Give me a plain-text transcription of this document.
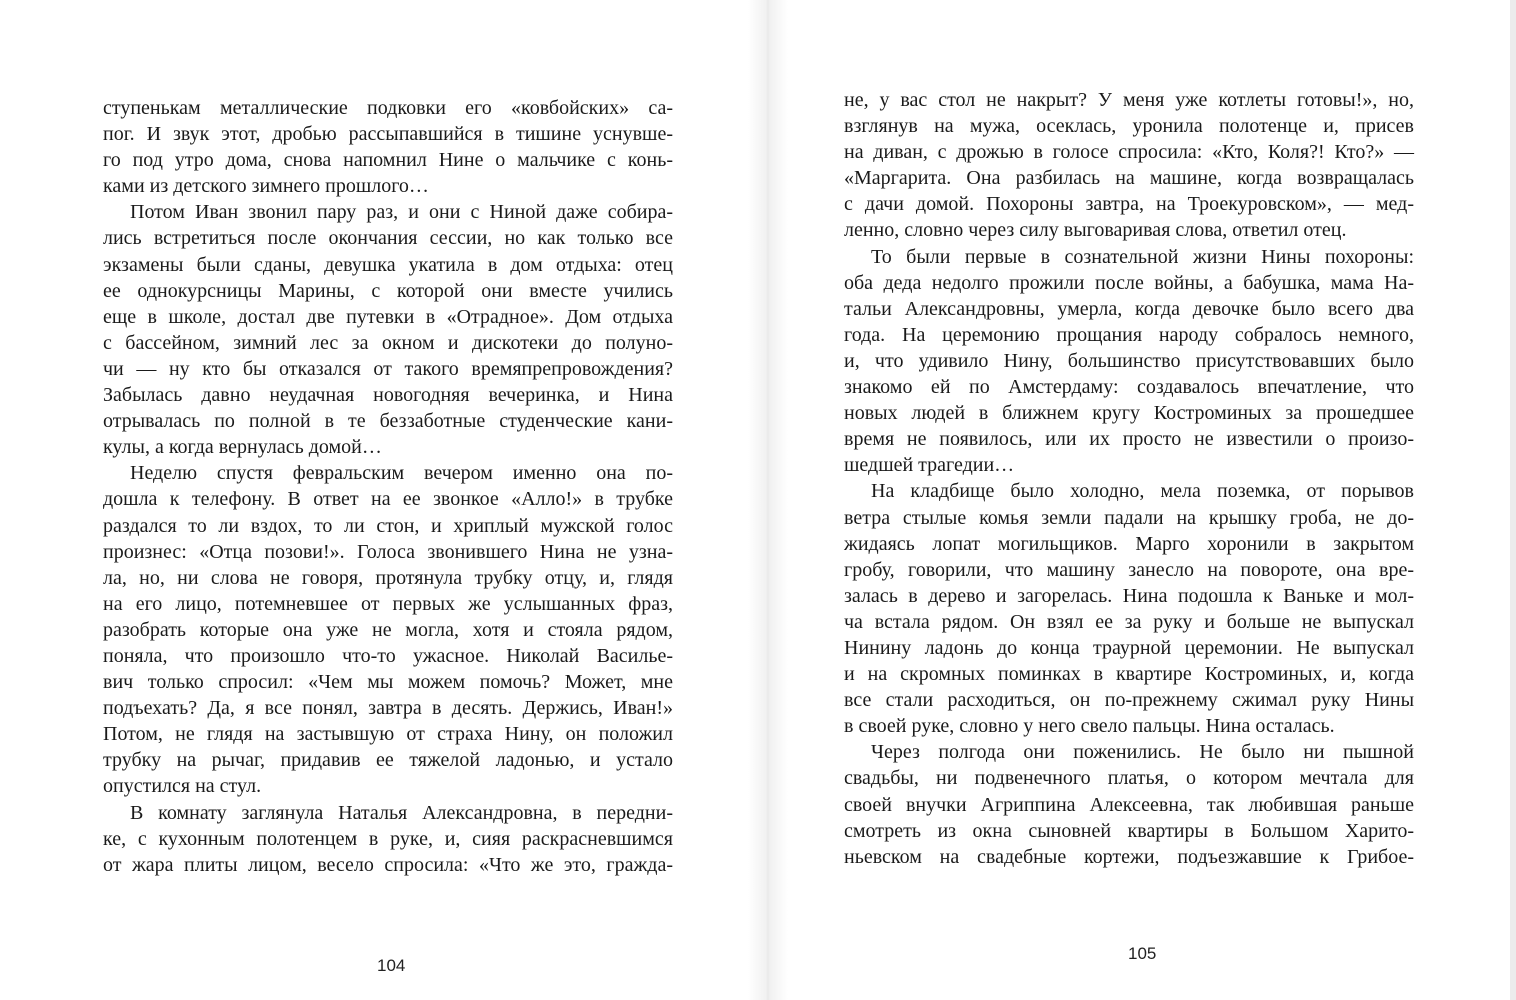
ступенькам металлические подковки его «ковбойских» са-
пог. И звук этот, дробью рассыпавшийся в тишине уснувше-
го под утро дома, снова напомнил Нине о мальчике с конь-
ками из детского зимнего прошлого…
Потом Иван звонил пару раз, и они с Ниной даже собира-
лись встретиться после окончания сессии, но как только все
экзамены были сданы, девушка укатила в дом отдыха: отец
ее однокурсницы Марины, с которой они вместе учились
еще в школе, достал две путевки в «Отрадное». Дом отдыха
с бассейном, зимний лес за окном и дискотеки до полуно-
чи — ну кто бы отказался от такого времяпрепровождения?
Забылась давно неудачная новогодняя вечеринка, и Нина
отрывалась по полной в те беззаботные студенческие кани-
кулы, а когда вернулась домой…
Неделю спустя февральским вечером именно она по-
дошла к телефону. В ответ на ее звонкое «Алло!» в трубке
раздался то ли вздох, то ли стон, и хриплый мужской голос
произнес: «Отца позови!». Голоса звонившего Нина не узна-
ла, но, ни слова не говоря, протянула трубку отцу, и, глядя
на его лицо, потемневшее от первых же услышанных фраз,
разобрать которые она уже не могла, хотя и стояла рядом,
поняла, что произошло что-то ужасное. Николай Василье-
вич только спросил: «Чем мы можем помочь? Может, мне
подъехать? Да, я все понял, завтра в десять. Держись, Иван!»
Потом, не глядя на застывшую от страха Нину, он положил
трубку на рычаг, придавив ее тяжелой ладонью, и устало
опустился на стул.
В комнату заглянула Наталья Александровна, в передни-
ке, с кухонным полотенцем в руке, и, сияя раскрасневшимся
от жара плиты лицом, весело спросила: «Что же это, гражда-
104
не, у вас стол не накрыт? У меня уже котлеты готовы!», но,
взглянув на мужа, осеклась, уронила полотенце и, присев
на диван, с дрожью в голосе спросила: «Кто, Коля?! Кто?» —
«Маргарита. Она разбилась на машине, когда возвращалась
с дачи домой. Похороны завтра, на Троекуровском», — мед-
ленно, словно через силу выговаривая слова, ответил отец.
То были первые в сознательной жизни Нины похороны:
оба деда недолго прожили после войны, а бабушка, мама На-
тальи Александровны, умерла, когда девочке было всего два
года. На церемонию прощания народу собралось немного,
и, что удивило Нину, большинство присутствовавших было
знакомо ей по Амстердаму: создавалось впечатление, что
новых людей в ближнем кругу Костроминых за прошедшее
время не появилось, или их просто не известили о произо-
шедшей трагедии…
На кладбище было холодно, мела поземка, от порывов
ветра стылые комья земли падали на крышку гроба, не до-
жидаясь лопат могильщиков. Марго хоронили в закрытом
гробу, говорили, что машину занесло на повороте, она вре-
залась в дерево и загорелась. Нина подошла к Ваньке и мол-
ча встала рядом. Он взял ее за руку и больше не выпускал
Нинину ладонь до конца траурной церемонии. Не выпускал
и на скромных поминках в квартире Костроминых, и, когда
все стали расходиться, он по-прежнему сжимал руку Нины
в своей руке, словно у него свело пальцы. Нина осталась.
Через полгода они поженились. Не было ни пышной
свадьбы, ни подвенечного платья, о котором мечтала для
своей внучки Агриппина Алексеевна, так любившая раньше
смотреть из окна сыновней квартиры в Большом Харито-
ньевском на свадебные кортежи, подъезжавшие к Грибое-
105
